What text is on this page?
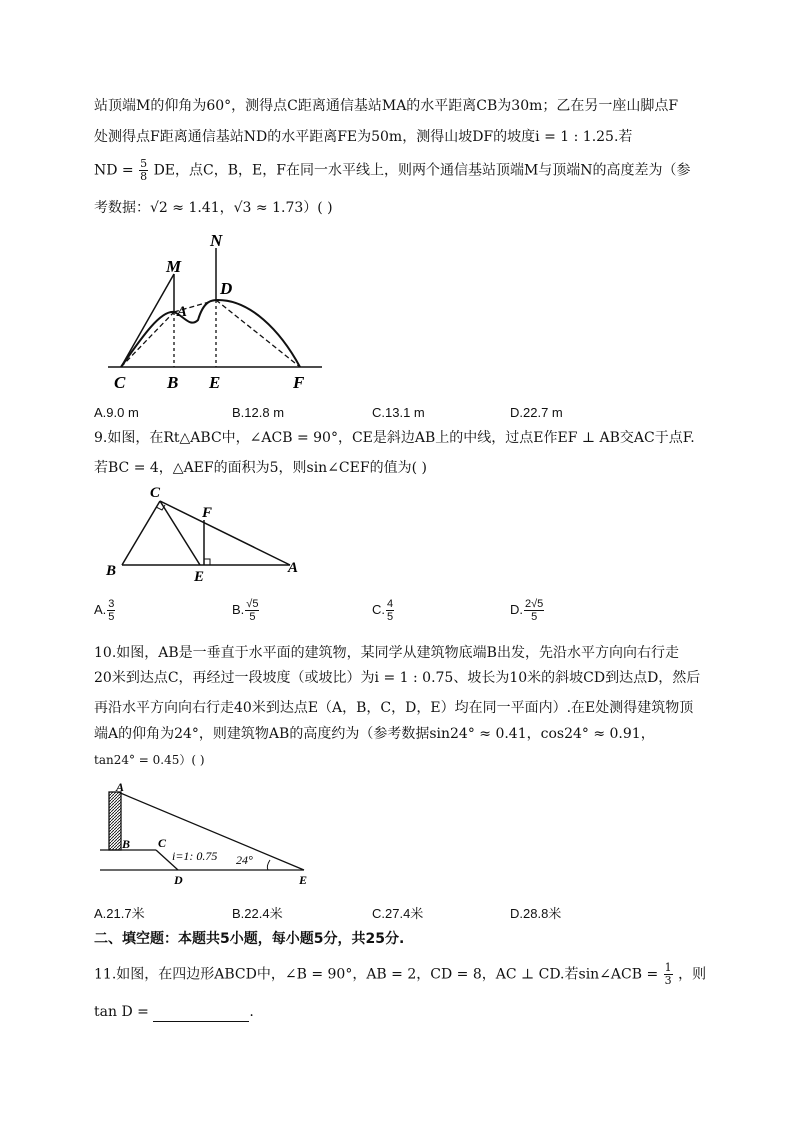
站顶端M的仰角为60°，测得点C距离通信基站MA的水平距离CB为30m；乙在另一座山脚点F
处测得点F距离通信基站ND的水平距离FE为50m，测得山坡DF的坡度i = 1 : 1.25.若
ND = $\frac{5}{8}$ DE，点C，B，E，F在同一水平线上，则两个通信基站顶端M与顶端N的高度差为（参
考数据：√2 ≈ 1.41，√3 ≈ 1.73）( )
N
M
A
D
C B E	F
A.9.0 m	B.12.8 m	C.13.1 m	D.22.7 m
9.如图，在Rt△ABC中，∠ACB = 90°，CE是斜边AB上的中线，过点E作EF ⊥ AB交AC于点F.
若BC = 4，△AEF的面积为5，则sin∠CEF的值为( )
C
F
B	E
A
A. $\frac{3}{5}$	B. $\frac{√5}{5}$	C. $\frac{4}{5}$	D. $\frac{2√5}{5}$
10.如图，AB是一垂直于水平面的建筑物，某同学从建筑物底端B出发，先沿水平方向向右行走
20米到达点C，再经过一段坡度（或坡比）为i = 1 : 0.75、坡长为10米的斜坡CD到达点D，然后
再沿水平方向向右行走40米到达点E（A，B，C，D，E）均在同一平面内）.在E处测得建筑物顶
端A的仰角为24°，则建筑物AB的高度约为（参考数据sin24° ≈ 0.41，cos24° ≈ 0.91，
tan24° = 0.45）( )
A
B C
D	E
i=1: 0.75 24°
A.21.7米	B.22.4米	C.27.4米	D.28.8米
二、填空题：本题共5小题，每小题5分，共25分.
11.如图，在四边形ABCD中，∠B = 90°，AB = 2，CD = 8，AC ⊥ CD.若sin∠ACB = $\frac{1}{3}$ ，则
tan D =	.
